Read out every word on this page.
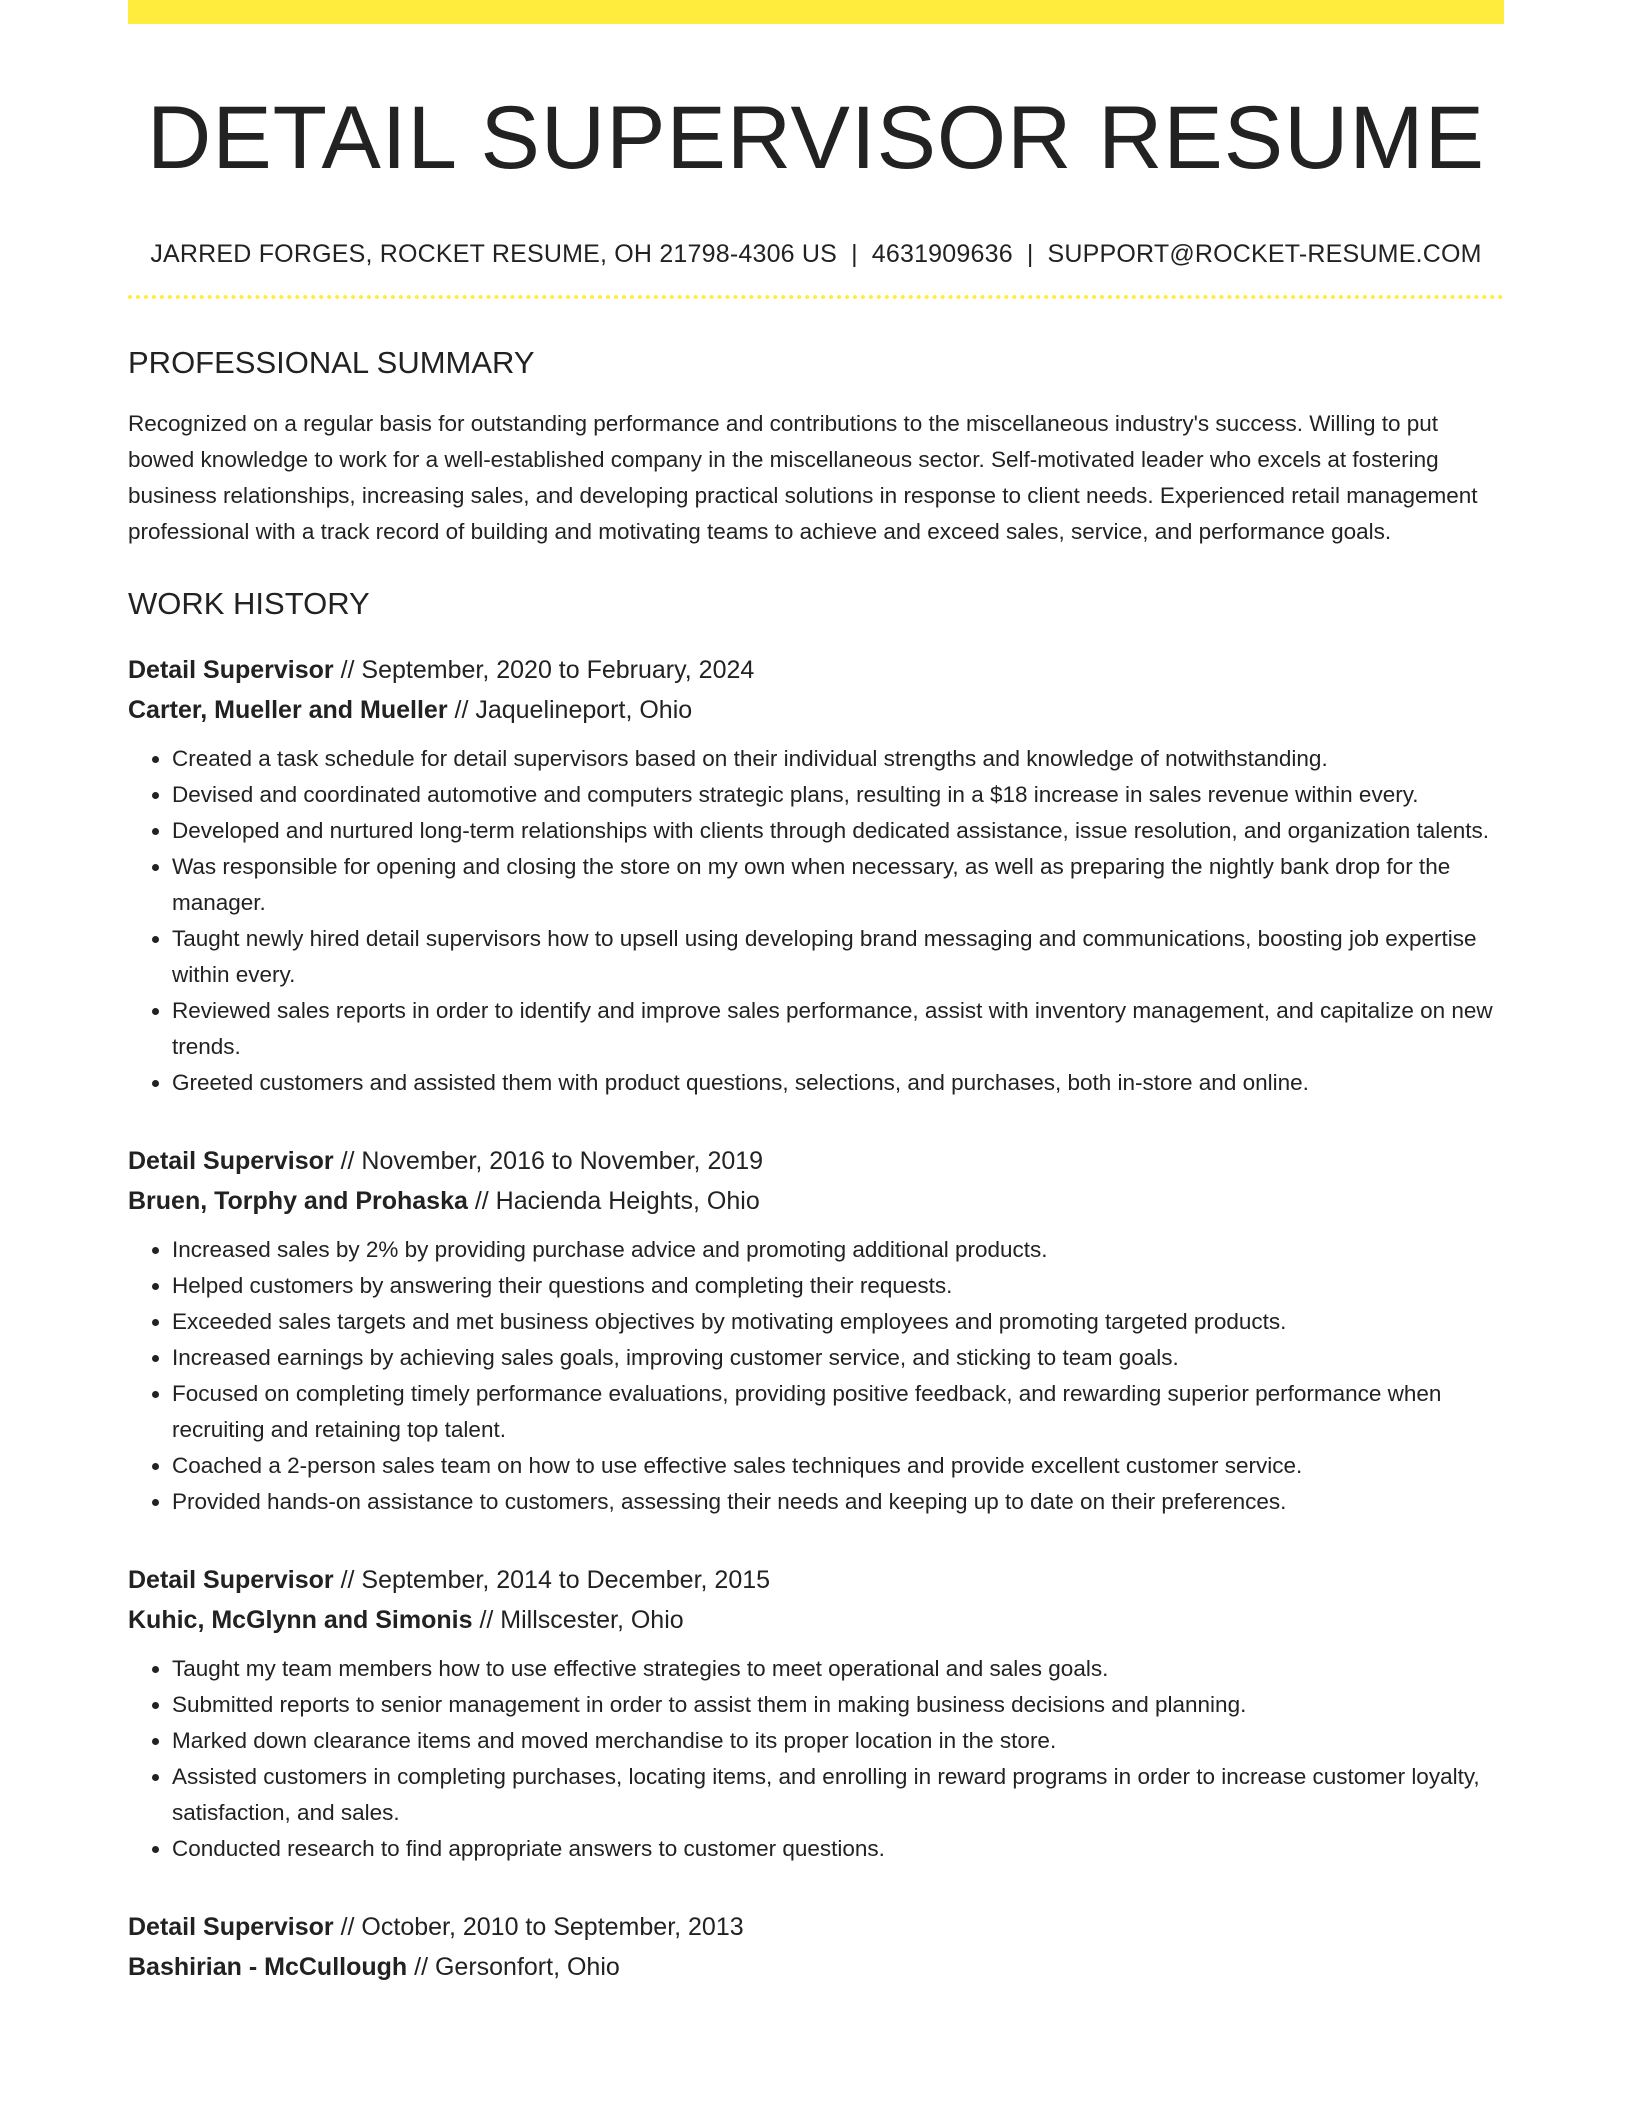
DETAIL SUPERVISOR RESUME
JARRED FORGES, ROCKET RESUME, OH 21798-4306 US | 4631909636 | SUPPORT@ROCKET-RESUME.COM
PROFESSIONAL SUMMARY

Recognized on a regular basis for outstanding performance and contributions to the miscellaneous industry's success. Willing to put bowed knowledge to work for a well-established company in the miscellaneous sector. Self-motivated leader who excels at fostering business relationships, increasing sales, and developing practical solutions in response to client needs. Experienced retail management professional with a track record of building and motivating teams to achieve and exceed sales, service, and performance goals.

WORK HISTORY
Detail Supervisor // September, 2020 to February, 2024
Carter, Mueller and Mueller // Jaquelineport, Ohio
• Created a task schedule for detail supervisors based on their individual strengths and knowledge of notwithstanding.
• Devised and coordinated automotive and computers strategic plans, resulting in a $18 increase in sales revenue within every.
• Developed and nurtured long-term relationships with clients through dedicated assistance, issue resolution, and organization talents.
• Was responsible for opening and closing the store on my own when necessary, as well as preparing the nightly bank drop for the manager.
• Taught newly hired detail supervisors how to upsell using developing brand messaging and communications, boosting job expertise within every.
• Reviewed sales reports in order to identify and improve sales performance, assist with inventory management, and capitalize on new trends.
• Greeted customers and assisted them with product questions, selections, and purchases, both in-store and online.
Detail Supervisor // November, 2016 to November, 2019
Bruen, Torphy and Prohaska // Hacienda Heights, Ohio
• Increased sales by 2% by providing purchase advice and promoting additional products.
• Helped customers by answering their questions and completing their requests.
• Exceeded sales targets and met business objectives by motivating employees and promoting targeted products.
• Increased earnings by achieving sales goals, improving customer service, and sticking to team goals.
• Focused on completing timely performance evaluations, providing positive feedback, and rewarding superior performance when recruiting and retaining top talent.
• Coached a 2-person sales team on how to use effective sales techniques and provide excellent customer service.
• Provided hands-on assistance to customers, assessing their needs and keeping up to date on their preferences.
Detail Supervisor // September, 2014 to December, 2015
Kuhic, McGlynn and Simonis // Millscester, Ohio
• Taught my team members how to use effective strategies to meet operational and sales goals.
• Submitted reports to senior management in order to assist them in making business decisions and planning.
• Marked down clearance items and moved merchandise to its proper location in the store.
• Assisted customers in completing purchases, locating items, and enrolling in reward programs in order to increase customer loyalty, satisfaction, and sales.
• Conducted research to find appropriate answers to customer questions.
Detail Supervisor // October, 2010 to September, 2013
Bashirian - McCullough // Gersonfort, Ohio
